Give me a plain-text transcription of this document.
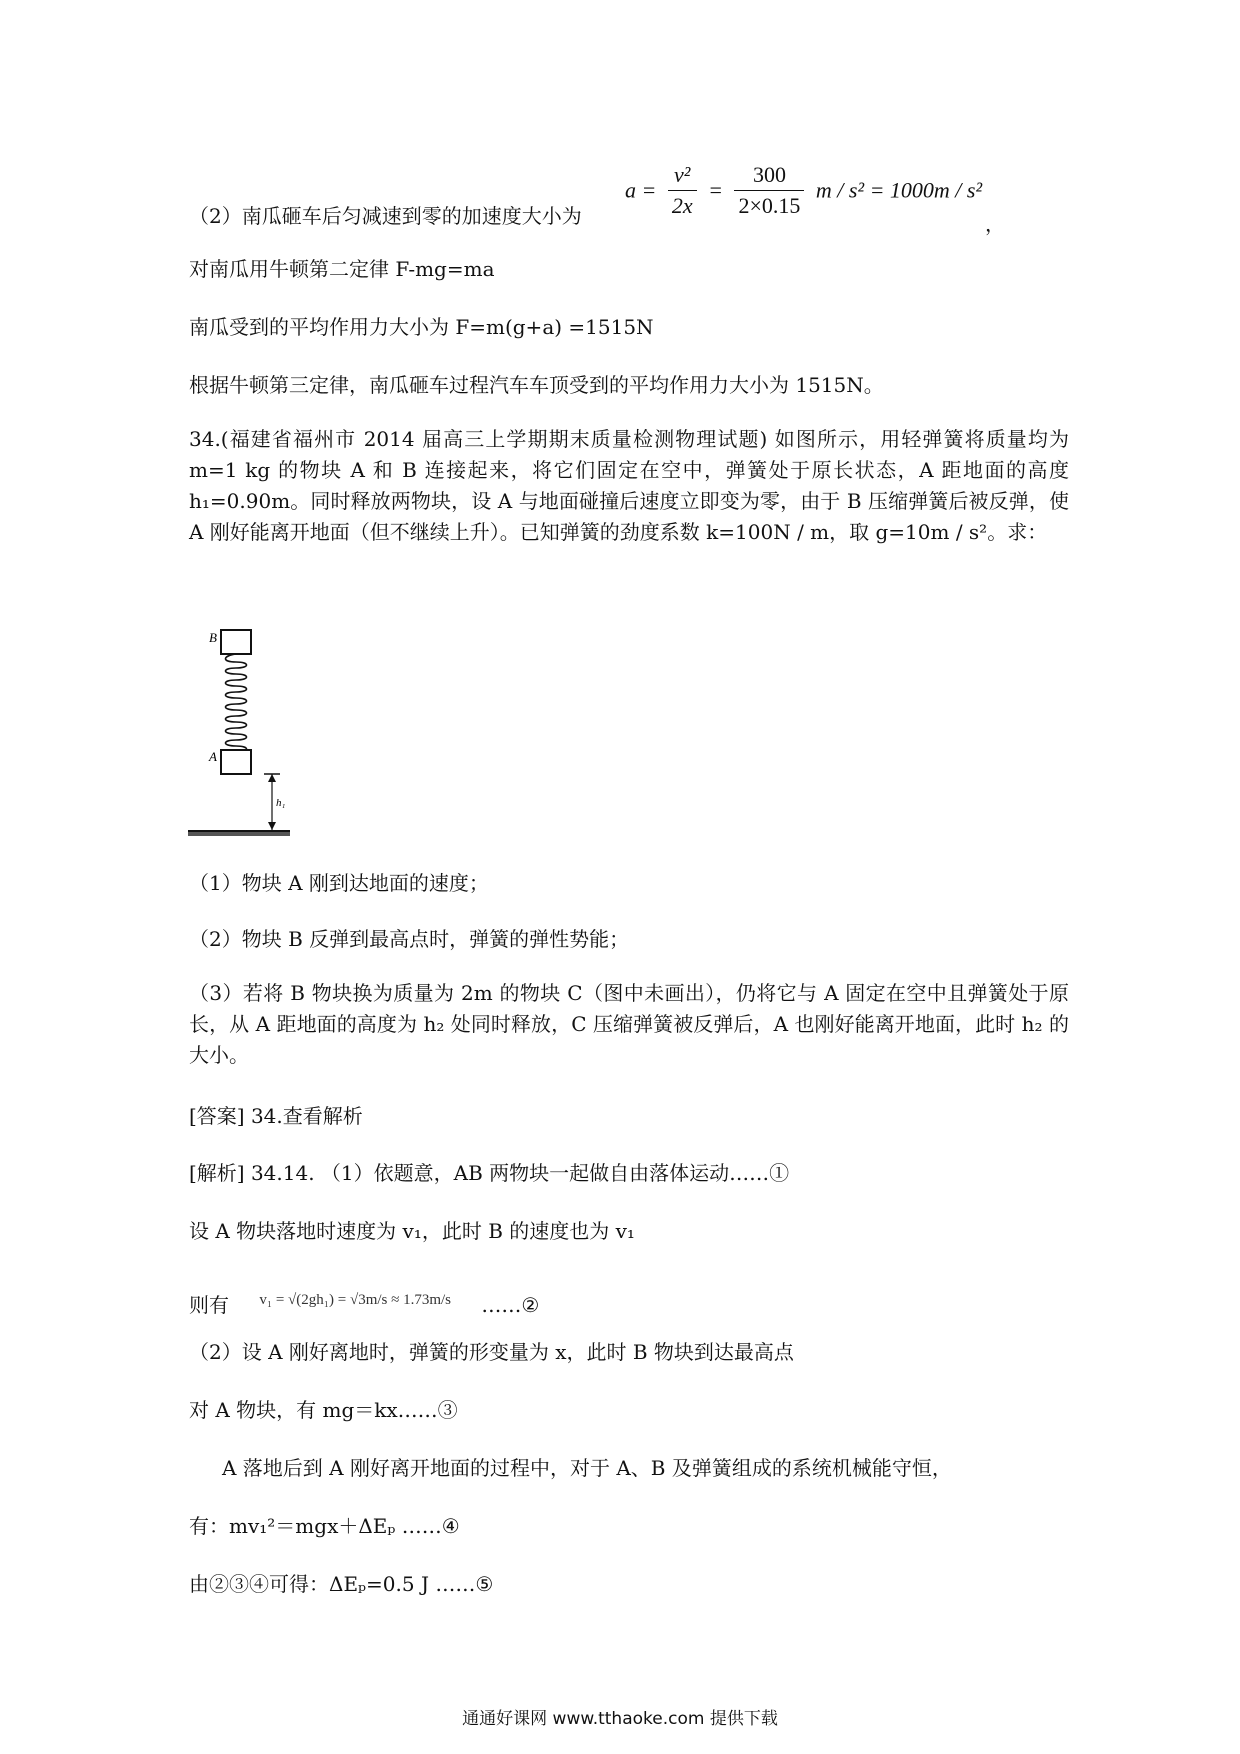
（2）南瓜砸车后匀减速到零的加速度大小为
$a = \frac{\text{v²}}{2x} = \frac{300}{2\times 0.15}$ m / s² = 1000m / s²
，
对南瓜用牛顿第二定律 F-mg=ma
南瓜受到的平均作用力大小为 F=m(g+a) =1515N
根据牛顿第三定律，南瓜砸车过程汽车车顶受到的平均作用力大小为 1515N。
34.(福建省福州市 2014 届高三上学期期末质量检测物理试题) 如图所示，用轻弹簧将质量均为 m=1 kg 的物块 A 和 B 连接起来，将它们固定在空中，弹簧处于原长状态，A 距地面的高度 h₁=0.90m。同时释放两物块，设 A 与地面碰撞后速度立即变为零，由于 B 压缩弹簧后被反弹，使 A 刚好能离开地面（但不继续上升）。已知弹簧的劲度系数 k=100N / m，取 g=10m / s²。求：
B
A
h₁
（1）物块 A 刚到达地面的速度；
（2）物块 B 反弹到最高点时，弹簧的弹性势能；
（3）若将 B 物块换为质量为 2m 的物块 C（图中未画出），仍将它与 A 固定在空中且弹簧处于原长，从 A 距地面的高度为 h₂ 处同时释放，C 压缩弹簧被反弹后，A 也刚好能离开地面，此时 h₂ 的大小。
[答案] 34.查看解析
[解析] 34.14. （1）依题意，AB 两物块一起做自由落体运动……①
设 A 物块落地时速度为 v₁，此时 B 的速度也为 v₁
则有 $^{v_1 = √(2gh_1) = √3m/s \approx 1.73m/s}$ ……②
（2）设 A 刚好离地时，弹簧的形变量为 x，此时 B 物块到达最高点
对 A 物块，有 mg＝kx……③
A 落地后到 A 刚好离开地面的过程中，对于 A、B 及弹簧组成的系统机械能守恒，
有：mv₁²＝mgx＋ΔEₚ ……④
由②③④可得：ΔEₚ=0.5 J ……⑤
通通好课网 www.tthaoke.com 提供下载
